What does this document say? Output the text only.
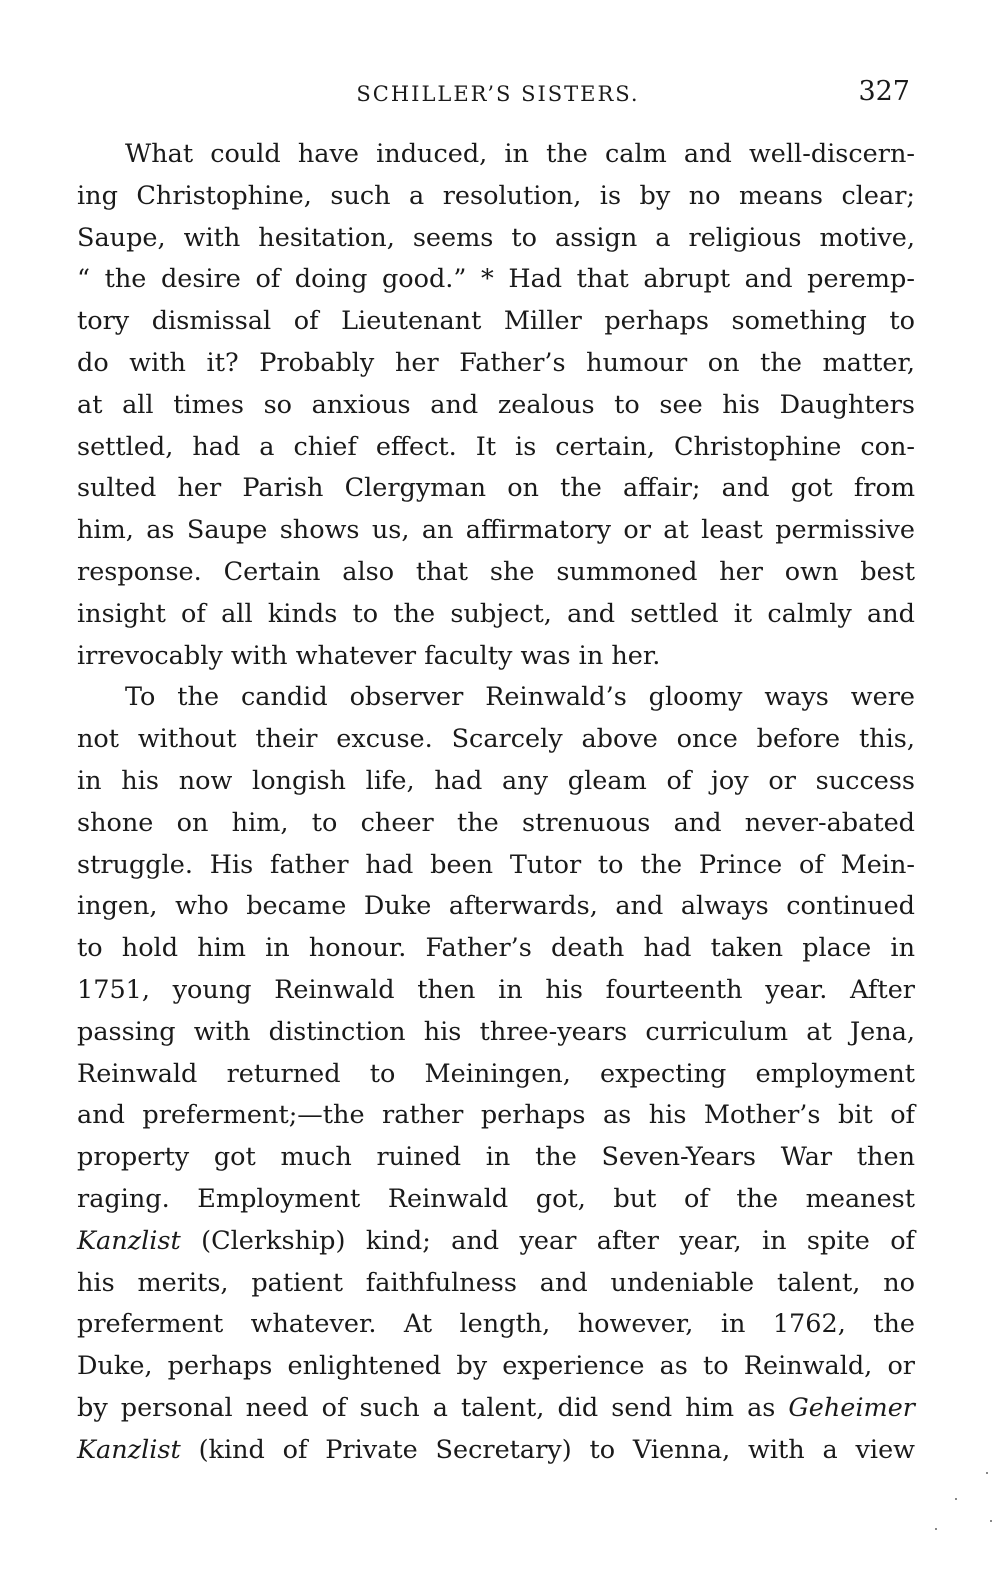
SCHILLER’S SISTERS.	327
What could have induced, in the calm and well-discern-
ing Christophine, such a resolution, is by no means clear;
Saupe, with hesitation, seems to assign a religious motive,
“ the desire of doing good.” * Had that abrupt and peremp-
tory dismissal of Lieutenant Miller perhaps something to
do with it? Probably her Father’s humour on the matter,
at all times so anxious and zealous to see his Daughters
settled, had a chief effect. It is certain, Christophine con-
sulted her Parish Clergyman on the affair; and got from
him, as Saupe shows us, an affirmatory or at least permissive
response. Certain also that she summoned her own best
insight of all kinds to the subject, and settled it calmly and
irrevocably with whatever faculty was in her.
To the candid observer Reinwald’s gloomy ways were
not without their excuse. Scarcely above once before this,
in his now longish life, had any gleam of joy or success
shone on him, to cheer the strenuous and never-abated
struggle. His father had been Tutor to the Prince of Mein-
ingen, who became Duke afterwards, and always continued
to hold him in honour. Father’s death had taken place in
1751, young Reinwald then in his fourteenth year. After
passing with distinction his three-years curriculum at Jena,
Reinwald returned to Meiningen, expecting employment
and preferment;—the rather perhaps as his Mother’s bit of
property got much ruined in the Seven-Years War then
raging. Employment Reinwald got, but of the meanest
Kanzlist (Clerkship) kind; and year after year, in spite of
his merits, patient faithfulness and undeniable talent, no
preferment whatever. At length, however, in 1762, the
Duke, perhaps enlightened by experience as to Reinwald, or
by personal need of such a talent, did send him as Geheimer
Kanzlist (kind of Private Secretary) to Vienna, with a view
